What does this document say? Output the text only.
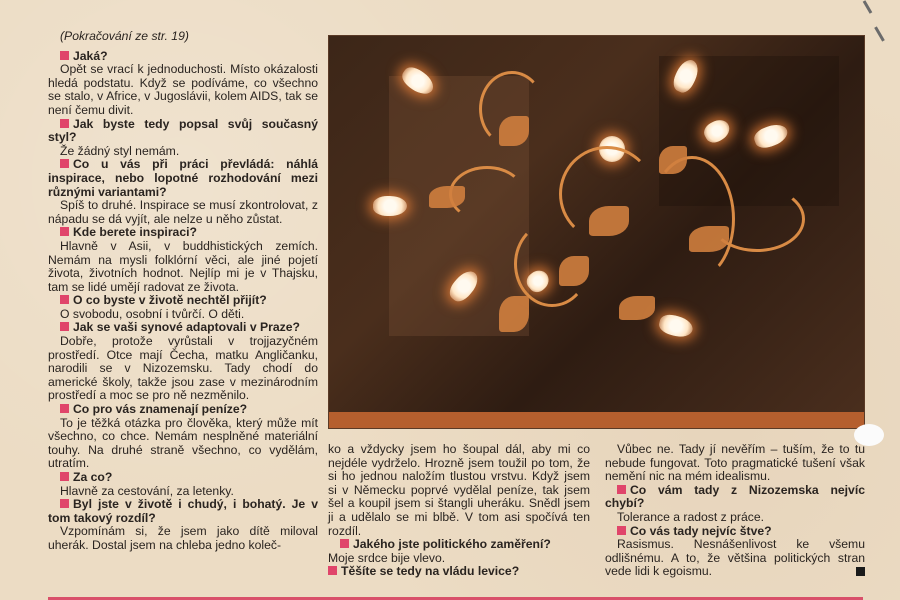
(Pokračování ze str. 19)

Jaká?

Opět se vrací k jednoduchosti. Místo okázalosti hledá podstatu. Když se podíváme, co všechno se stalo, v Africe, v Jugoslávii, kolem AIDS, tak se není čemu divit.

Jak byste tedy popsal svůj současný styl?

Že žádný styl nemám.

Co u vás při práci převládá: náhlá inspirace, nebo lopotné rozhodování mezi různými variantami?

Spíš to druhé. Inspirace se musí zkontrolovat, z nápadu se dá vyjít, ale nelze u něho zůstat.

Kde berete inspiraci?

Hlavně v Asii, v buddhistických zemích. Nemám na mysli folklórní věci, ale jiné pojetí života, životních hodnot. Nejlíp mi je v Thajsku, tam se lidé umějí radovat ze života.

O co byste v životě nechtěl přijít?

O svobodu, osobní i tvůrčí. O děti.

Jak se vaši synové adaptovali v Praze?

Dobře, protože vyrůstali v trojjazyčném prostředí. Otce mají Čecha, matku Angličanku, narodili se v Nizozemsku. Tady chodí do americké školy, takže jsou zase v mezinárodním prostředí a moc se pro ně nezměnilo.

Co pro vás znamenají peníze?

To je těžká otázka pro člověka, který může mít všechno, co chce. Nemám nesplněné materiální touhy. Na druhé straně všechno, co vydělám, utratím.

Za co?

Hlavně za cestování, za letenky.

Byl jste v životě i chudý, i bohatý. Je v tom takový rozdíl?

Vzpomínám si, že jsem jako dítě miloval uherák. Dostal jsem na chleba jedno koleč-

ko a vždycky jsem ho šoupal dál, aby mi co nejdéle vydrželo. Hrozně jsem toužil po tom, že si ho jednou naložím tlustou vrstvu. Když jsem si v Německu poprvé vydělal peníze, tak jsem šel a koupil jsem si štangli uheráku. Snědl jsem ji a udělalo se mi blbě. V tom asi spočívá ten rozdíl.

Jakého jste politického zaměření?

Moje srdce bije vlevo.

Těšíte se tedy na vládu levice?

Vůbec ne. Tady jí nevěřím – tuším, že to tu nebude fungovat. Toto pragmatické tušení však nemění nic na mém idealismu.

Co vám tady z Nizozemska nejvíc chybí?

Tolerance a radost z práce.

Co vás tady nejvíc štve?

Rasismus. Nesnášenlivost ke všemu odlišnému. A to, že většina politických stran vede lidi k egoismu.
